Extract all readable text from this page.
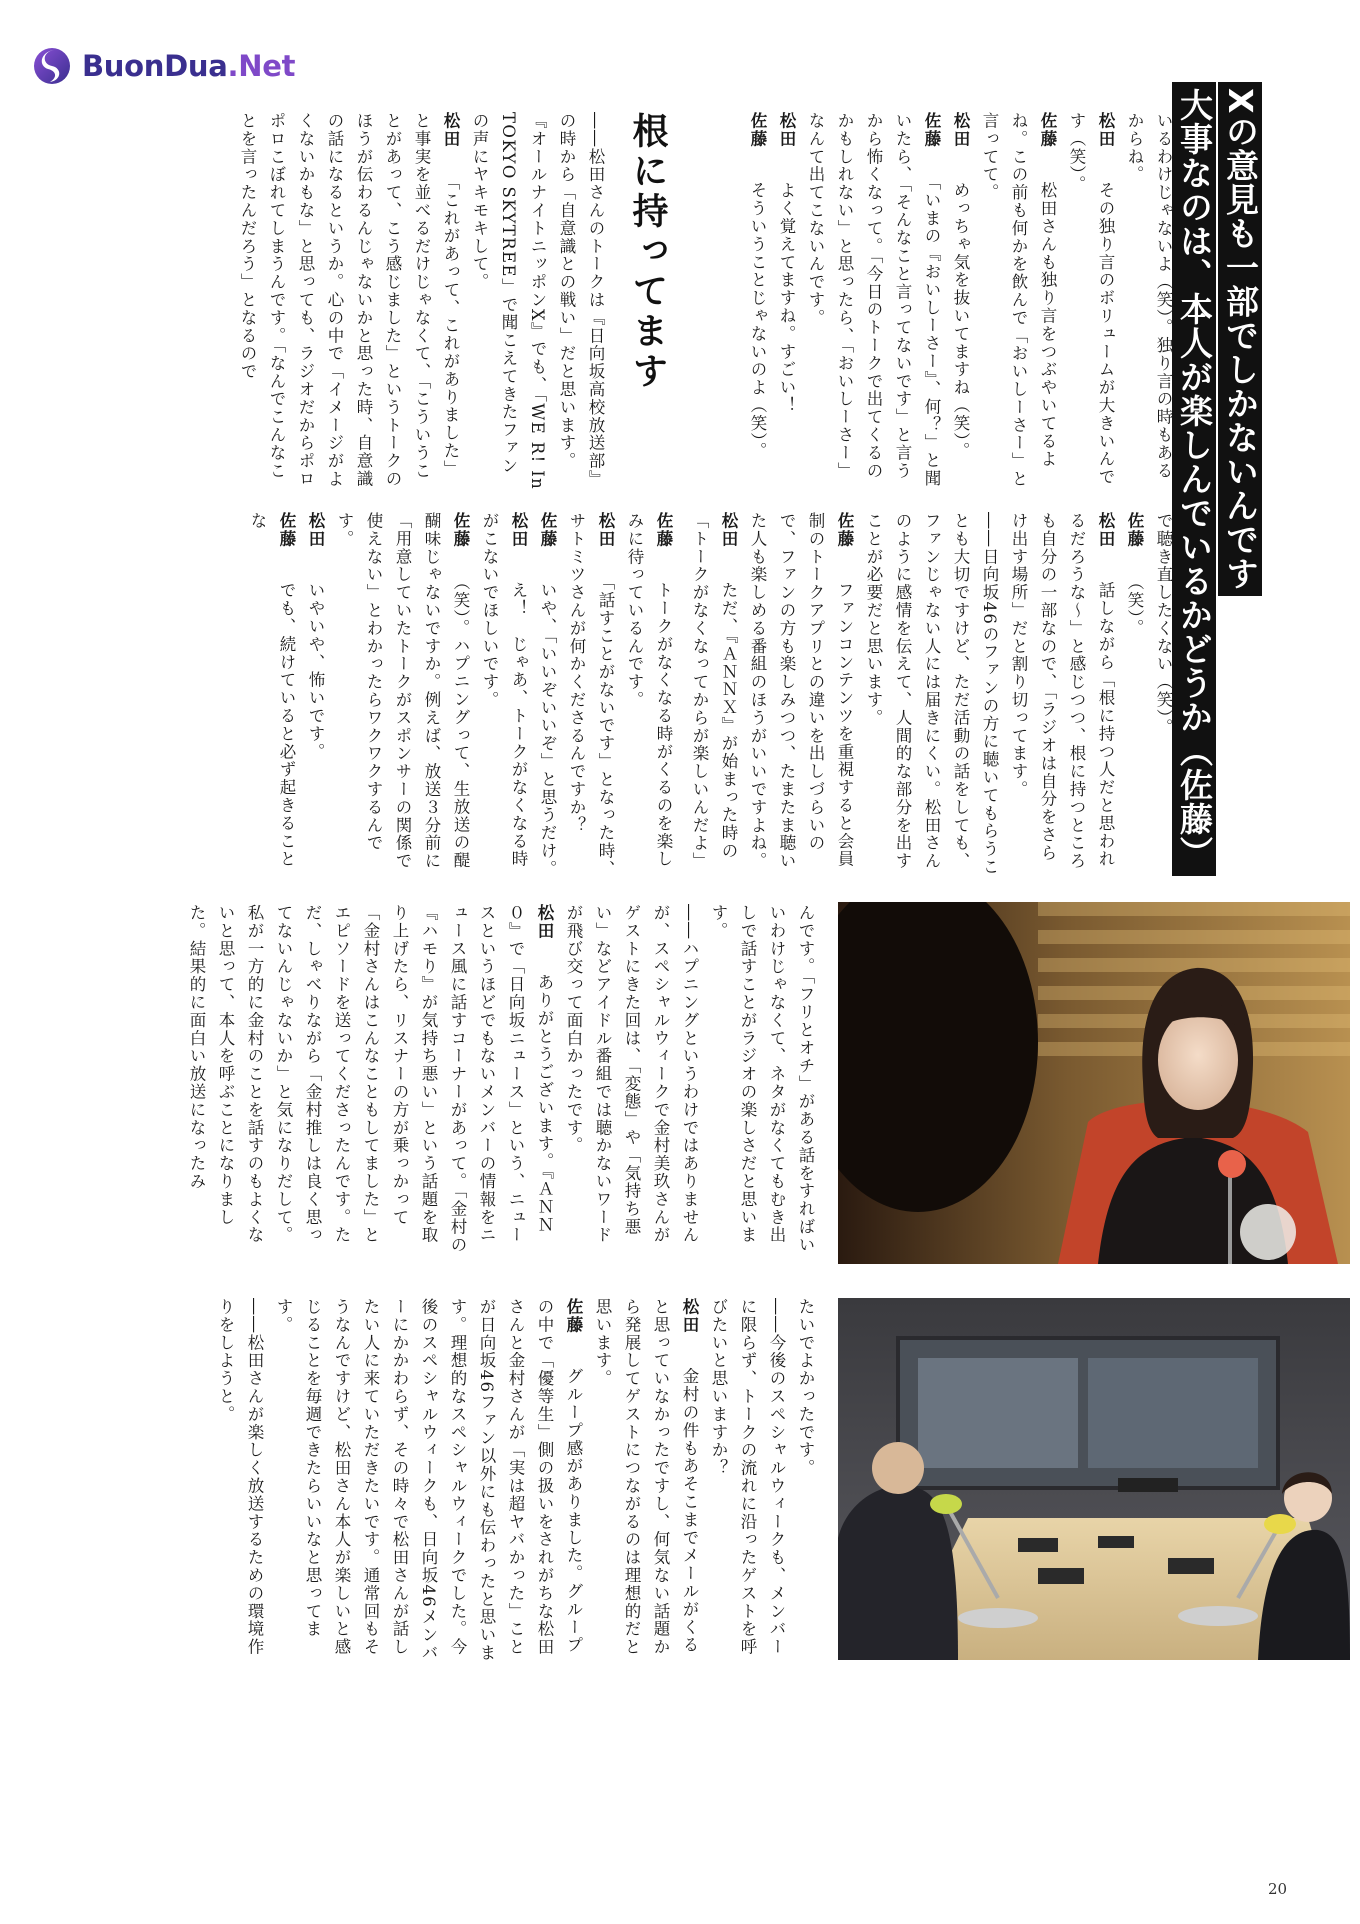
BuonDua.Net
Xの意見も一部でしかないんです
大事なのは、本人が楽しんでいるかどうか（佐藤）
根に持ってます	いるわけじゃないよ（笑）。独り言の時もあるからね。

松田　その独り言のボリュームが大きいんです（笑）。

佐藤　松田さんも独り言をつぶやいてるよね。この前も何かを飲んで「おいしーさー」と言ってて。

松田　めっちゃ気を抜いてますね（笑）。

佐藤　「いまの『おいしーさー』、何？」と聞いたら、「そんなこと言ってないです」と言うから怖くなって。「今日のトークで出てくるのかもしれない」と思ったら、「おいしーさー」なんて出てこないんです。

松田　よく覚えてますね。すごい！

佐藤　そういうことじゃないのよ（笑）。

――松田さんのトークは『日向坂高校放送部』の時から「自意識との戦い」だと思います。『オールナイトニッポンX』でも、「WE R! In TOKYO SKYTREE」で聞こえてきたファンの声にヤキモキして。

松田　「これがあって、これがありました」と事実を並べるだけじゃなくて、「こういうことがあって、こう感じました」というトークのほうが伝わるんじゃないかと思った時、自意識の話になるというか。心の中で「イメージがよくないかもな」と思っても、ラジオだからポロポロこぼれてしまうんです。「なんでこんなことを言ったんだろう」となるので

で聴き直したくない（笑）。

佐藤　（笑）。

松田　話しながら「根に持つ人だと思われるだろうな〜」と感じつつ、根に持つところも自分の一部なので、「ラジオは自分をさらけ出す場所」だと割り切ってます。

――日向坂46のファンの方に聴いてもらうことも大切ですけど、ただ活動の話をしても、ファンじゃない人には届きにくい。松田さんのように感情を伝えて、人間的な部分を出すことが必要だと思います。

佐藤　ファンコンテンツを重視すると会員制のトークアプリとの違いを出しづらいので、ファンの方も楽しみつつ、たまたま聴いた人も楽しめる番組のほうがいいですよね。

松田　ただ、『ＡＮＮＸ』が始まった時の「トークがなくなってからが楽しいんだよ」

佐藤　トークがなくなる時がくるのを楽しみに待っているんです。

松田　「話すことがないです」となった時、サトミツさんが何かくださるんですか？

佐藤　いや、「いいぞいいぞ」と思うだけ。

松田　え！　じゃあ、トークがなくなる時がこないでほしいです。

佐藤　（笑）。ハプニングって、生放送の醍醐味じゃないですか。例えば、放送３分前に「用意していたトークがスポンサーの関係で使えない」とわかったらワクワクするんです。

松田　いやいや、怖いです。

佐藤　でも、続けていると必ず起きることな

んです。「フリとオチ」がある話をすればいいわけじゃなくて、ネタがなくてもむき出しで話すことがラジオの楽しさだと思います。

――ハプニングというわけではありませんが、スペシャルウィークで金村美玖さんがゲストにきた回は、「変態」や「気持ち悪い」などアイドル番組では聴かないワードが飛び交って面白かったです。

松田　ありがとうございます。『ＡＮＮ０』で「日向坂ニュース」という、ニュースというほどでもないメンバーの情報をニュース風に話すコーナーがあって。「金村の『ハモり』が気持ち悪い」という話題を取り上げたら、リスナーの方が乗っかって「金村さんはこんなこともしてました」とエピソードを送ってくださったんです。ただ、しゃべりながら「金村推しは良く思ってないんじゃないか」と気になりだして。私が一方的に金村のことを話すのもよくないと思って、本人を呼ぶことになりました。結果的に面白い放送になったみ

たいでよかったです。

――今後のスペシャルウィークも、メンバーに限らず、トークの流れに沿ったゲストを呼びたいと思いますか？

松田　金村の件もあそこまでメールがくると思っていなかったですし、何気ない話題から発展してゲストにつながるのは理想的だと思います。

佐藤　グループ感がありました。グループの中で「優等生」側の扱いをされがちな松田さんと金村さんが「実は超ヤバかった」ことが日向坂46ファン以外にも伝わったと思います。理想的なスペシャルウィークでした。今後のスペシャルウィークも、日向坂46メンバーにかかわらず、その時々で松田さんが話したい人に来ていただきたいです。通常回もそうなんですけど、松田さん本人が楽しいと感じることを毎週できたらいいなと思ってます。

――松田さんが楽しく放送するための環境作りをしようと。

20
